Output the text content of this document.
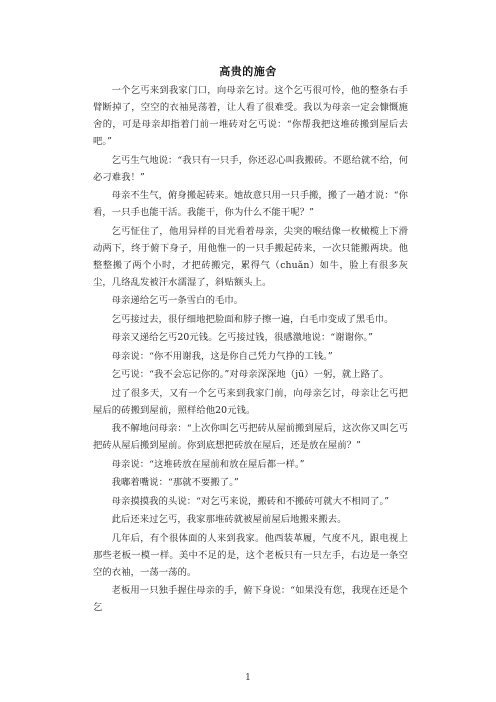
高贵的施舍

一个乞丐来到我家门口，向母亲乞讨。这个乞丐很可怜，他的整条右手臂断掉了，空空的衣袖晃荡着，让人看了很难受。我以为母亲一定会慷慨施舍的，可是母亲却指着门前一堆砖对乞丐说：“你帮我把这堆砖搬到屋后去吧。”

乞丐生气地说：“我只有一只手，你还忍心叫我搬砖。不愿给就不给，何必刁难我！”

母亲不生气，俯身搬起砖来。她故意只用一只手搬，搬了一趟才说：“你看，一只手也能干活。我能干，你为什么不能干呢？”

乞丐怔住了，他用异样的目光看着母亲，尖突的喉结像一枚橄榄上下滑动两下，终于俯下身子，用他惟一的一只手搬起砖来，一次只能搬两块。他整整搬了两个小时，才把砖搬完，累得气（chuǎn）如牛，脸上有很多灰尘，几络乱发被汗水濡湿了，斜贴额头上。

母亲递给乞丐一条雪白的毛巾。

乞丐接过去，很仔细地把脸面和脖子擦一遍，白毛巾变成了黑毛巾。

母亲又递给乞丐20元钱。乞丐接过钱，很感激地说：“谢谢你。”

母亲说：“你不用谢我，这是你自己凭力气挣的工钱。”

乞丐说：“我不会忘记你的。”对母亲深深地（jū）一躬，就上路了。

过了很多天，又有一个乞丐来到我家门前，向母亲乞讨，母亲让乞丐把屋后的砖搬到屋前，照样给他20元钱。

我不解地问母亲：“上次你叫乞丐把砖从屋前搬到屋后，这次你又叫乞丐把砖从屋后搬到屋前。你到底想把砖放在屋后，还是放在屋前？”

母亲说：“这堆砖放在屋前和放在屋后都一样。”

我嘟着嘴说：“那就不要搬了。”

母亲摸摸我的头说：“对乞丐来说，搬砖和不搬砖可就大不相同了。”

此后还来过乞丐，我家那堆砖就被屋前屋后地搬来搬去。

几年后，有个很体面的人来到我家。他西装革履，气度不凡，跟电视上那些老板一模一样。美中不足的是，这个老板只有一只左手，右边是一条空空的衣袖，一荡一荡的。

老板用一只独手握住母亲的手，俯下身说：“如果没有您，我现在还是个乞

1
